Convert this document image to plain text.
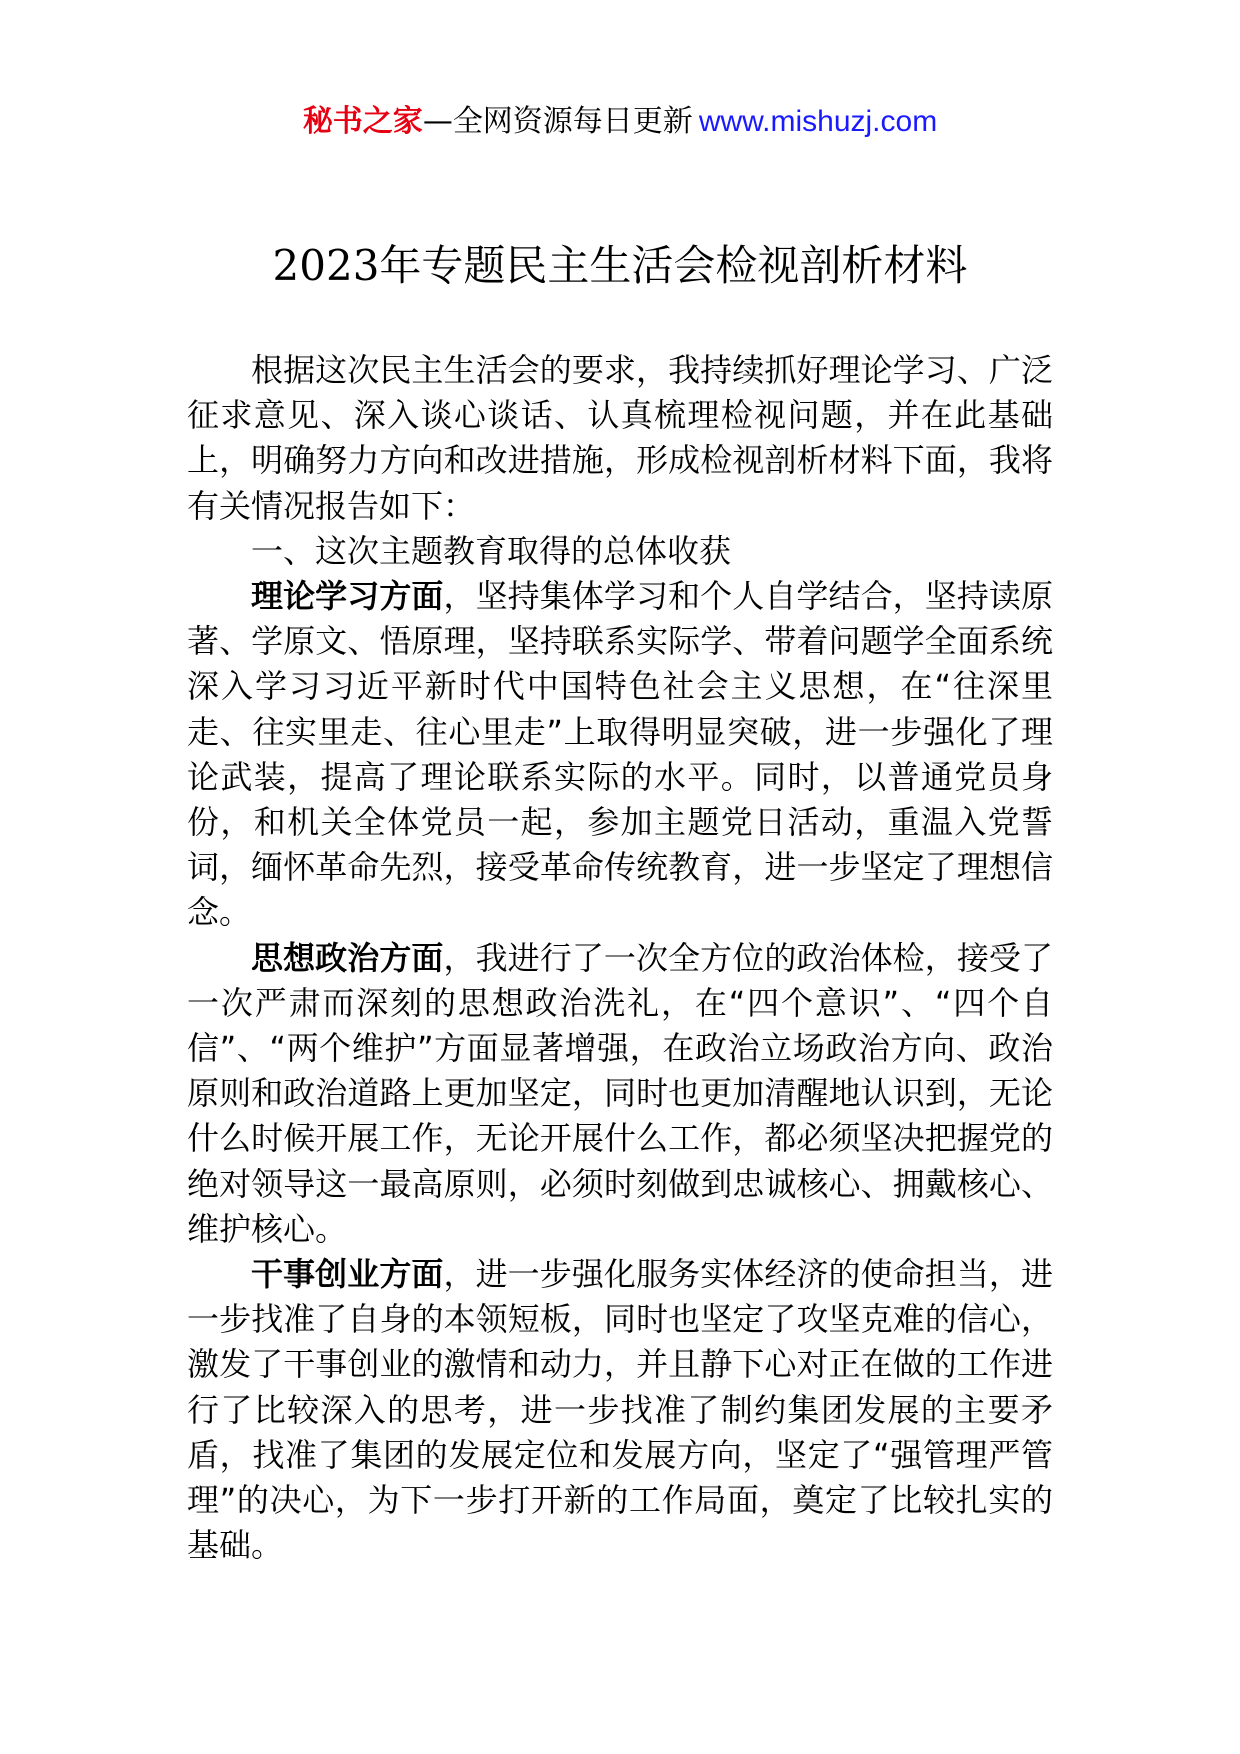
秘书之家—全网资源每日更新 www.mishuzj.com
2023年专题民主生活会检视剖析材料

根据这次民主生活会的要求，我持续抓好理论学习、广泛征求意见、深入谈心谈话、认真梳理检视问题，并在此基础上，明确努力方向和改进措施，形成检视剖析材料下面，我将有关情况报告如下：

一、这次主题教育取得的总体收获

理论学习方面，坚持集体学习和个人自学结合，坚持读原著、学原文、悟原理，坚持联系实际学、带着问题学全面系统深入学习习近平新时代中国特色社会主义思想，在“往深里走、往实里走、往心里走”上取得明显突破，进一步强化了理论武装，提高了理论联系实际的水平。同时，以普通党员身份，和机关全体党员一起，参加主题党日活动，重温入党誓词，缅怀革命先烈，接受革命传统教育，进一步坚定了理想信念。

思想政治方面，我进行了一次全方位的政治体检，接受了一次严肃而深刻的思想政治洗礼，在“四个意识”、“四个自信”、“两个维护”方面显著增强，在政治立场政治方向、政治原则和政治道路上更加坚定，同时也更加清醒地认识到，无论什么时候开展工作，无论开展什么工作，都必须坚决把握党的绝对领导这一最高原则，必须时刻做到忠诚核心、拥戴核心、维护核心。

干事创业方面，进一步强化服务实体经济的使命担当，进一步找准了自身的本领短板，同时也坚定了攻坚克难的信心，激发了干事创业的激情和动力，并且静下心对正在做的工作进行了比较深入的思考，进一步找准了制约集团发展的主要矛盾，找准了集团的发展定位和发展方向，坚定了“强管理严管理”的决心，为下一步打开新的工作局面，奠定了比较扎实的基础。
